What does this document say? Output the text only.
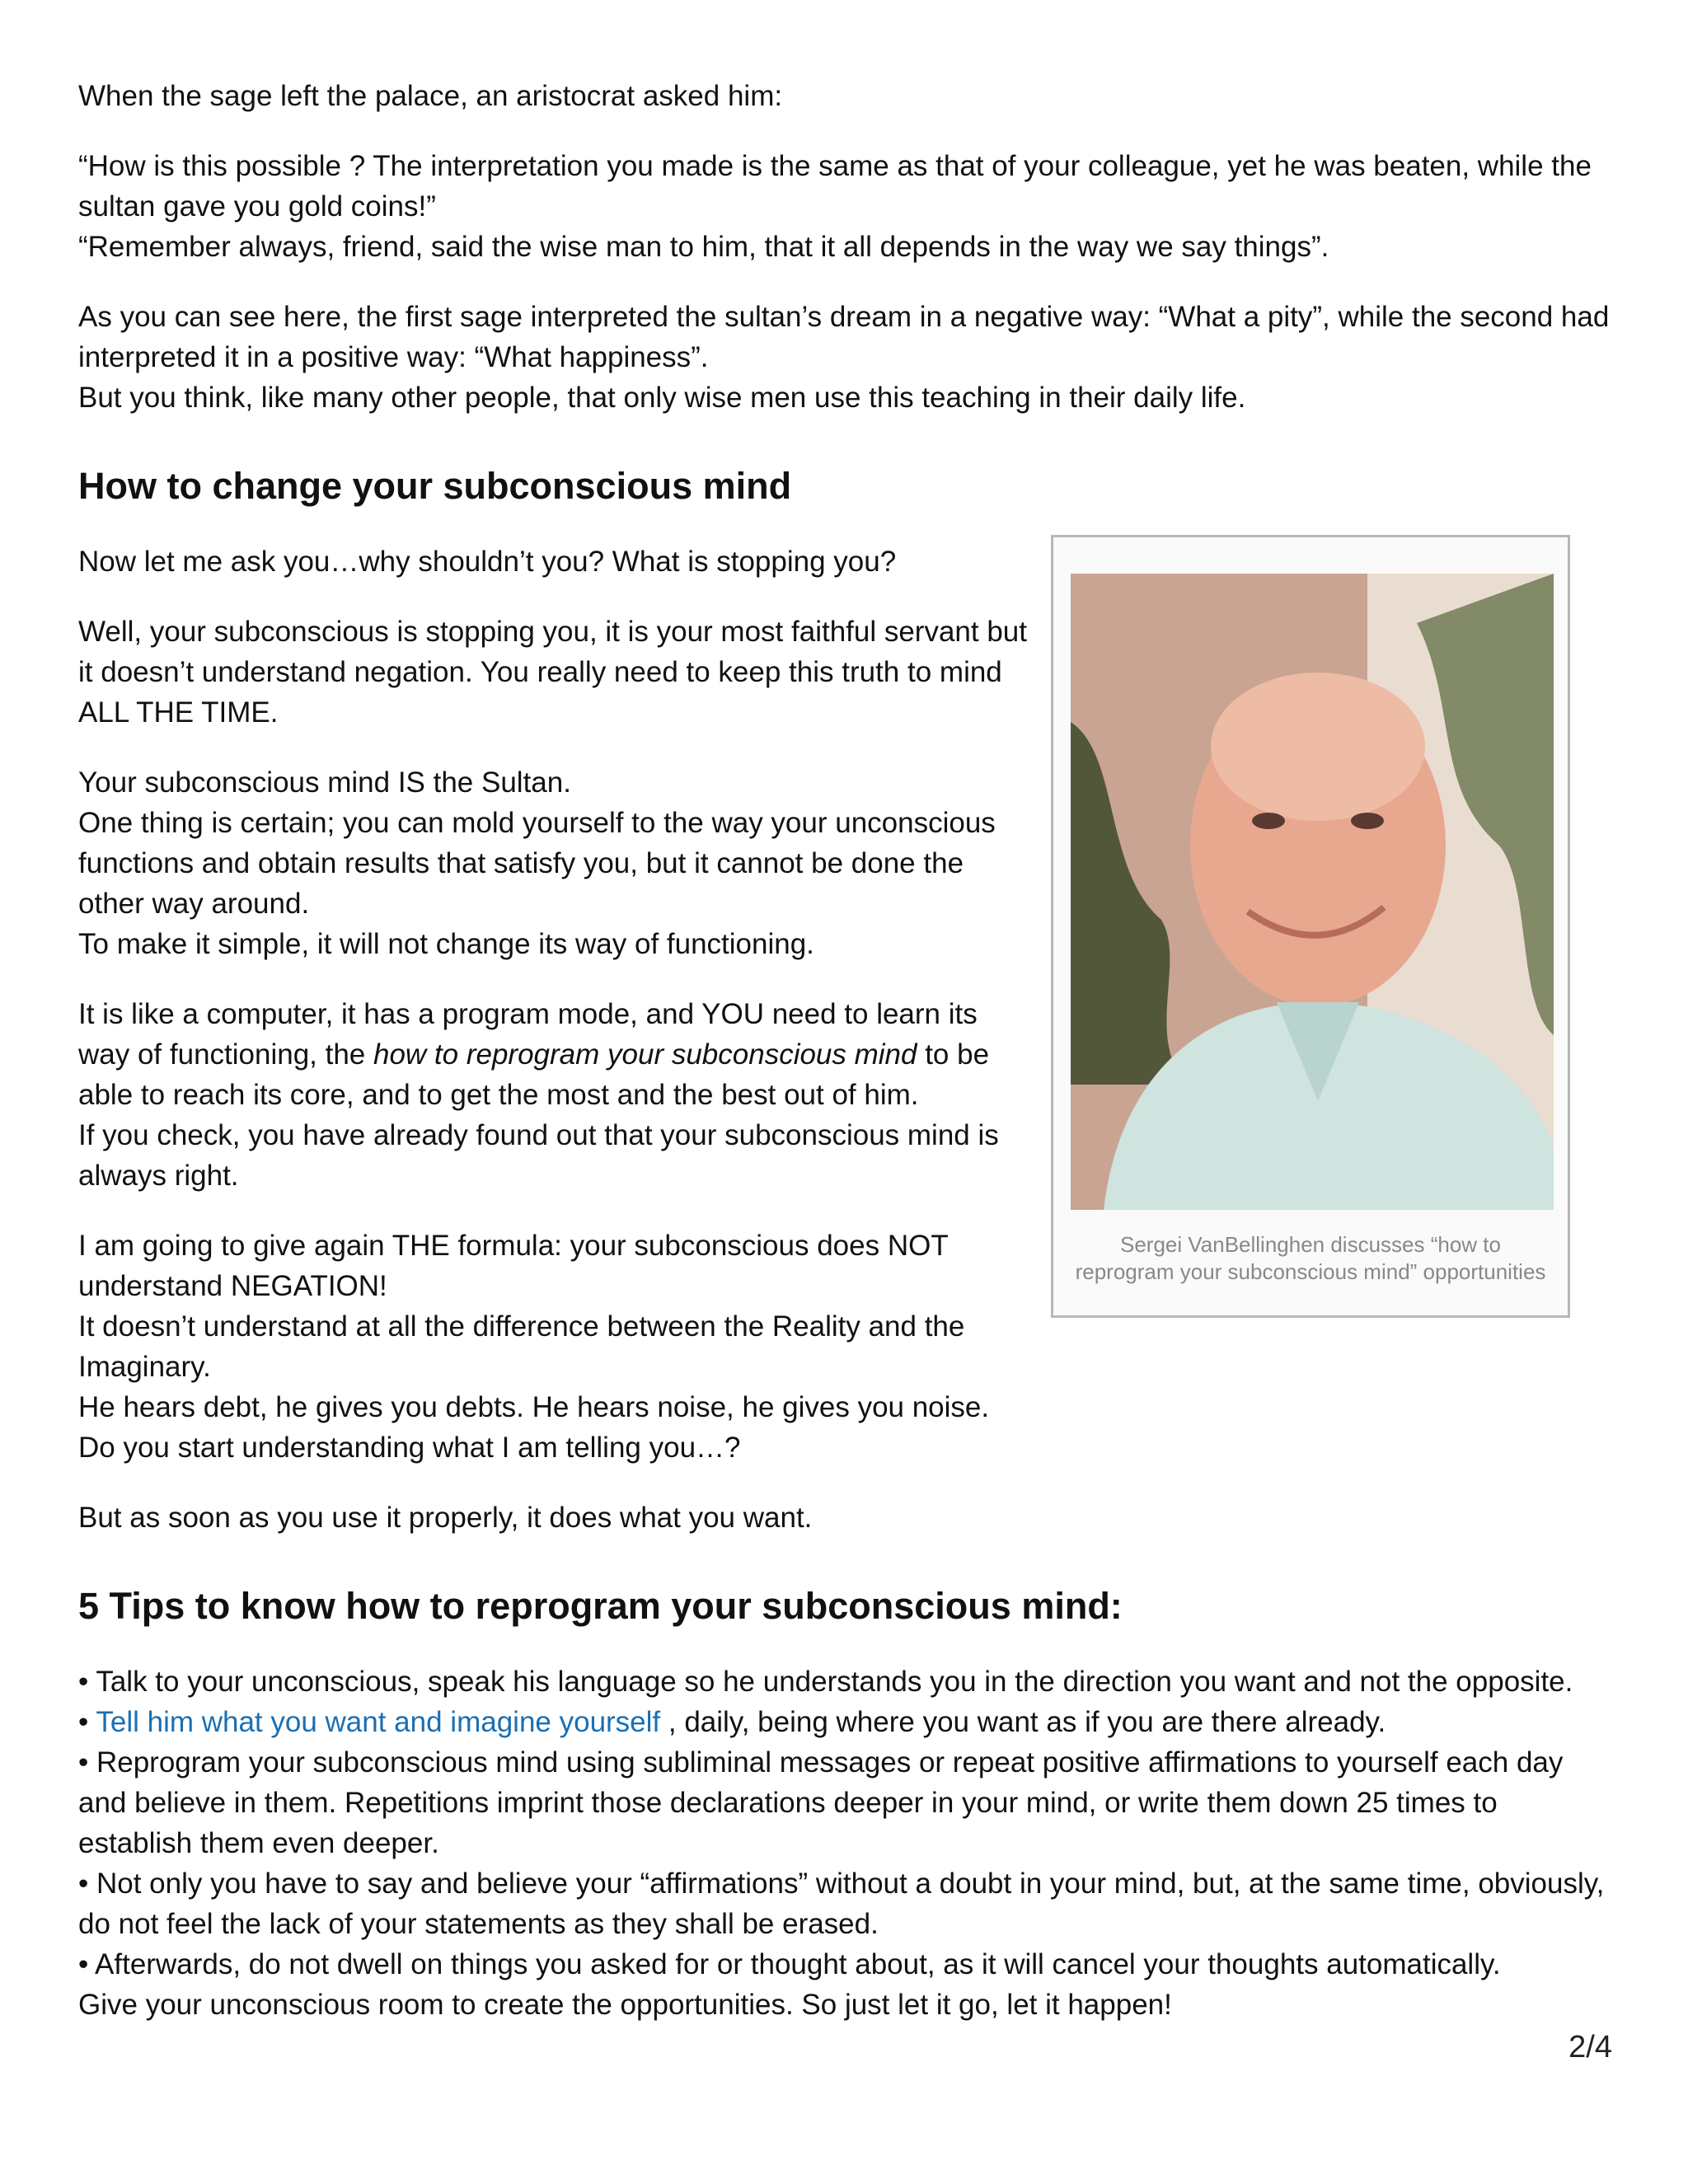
When the sage left the palace, an aristocrat asked him:

“How is this possible ? The interpretation you made is the same as that of your colleague, yet he was beaten, while the sultan gave you gold coins!”
“Remember always, friend, said the wise man to him, that it all depends in the way we say things”.

As you can see here, the first sage interpreted the sultan’s dream in a negative way: “What a pity”, while the second had interpreted it in a positive way: “What happiness”.
But you think, like many other people, that only wise men use this teaching in their daily life.

How to change your subconscious mind
Sergei VanBellinghen discusses “how to reprogram your subconscious mind” opportunities

Now let me ask you…why shouldn’t you? What is stopping you?

Well, your subconscious is stopping you, it is your most faithful servant but it doesn’t understand negation. You really need to keep this truth to mind ALL THE TIME.

Your subconscious mind IS the Sultan.
One thing is certain; you can mold yourself to the way your unconscious functions and obtain results that satisfy you, but it cannot be done the other way around.
To make it simple, it will not change its way of functioning.

It is like a computer, it has a program mode, and YOU need to learn its way of functioning, the how to reprogram your subconscious mind to be able to reach its core, and to get the most and the best out of him.
If you check, you have already found out that your subconscious mind is always right.

I am going to give again THE formula: your subconscious does NOT understand NEGATION!
It doesn’t understand at all the difference between the Reality and the Imaginary.
He hears debt, he gives you debts. He hears noise, he gives you noise.
Do you start understanding what I am telling you…?

But as soon as you use it properly, it does what you want.

5 Tips to know how to reprogram your subconscious mind:

• Talk to your unconscious, speak his language so he understands you in the direction you want and not the opposite.

• Tell him what you want and imagine yourself , daily, being where you want as if you are there already.

• Reprogram your subconscious mind using subliminal messages or repeat positive affirmations to yourself each day and believe in them. Repetitions imprint those declarations deeper in your mind, or write them down 25 times to establish them even deeper.

• Not only you have to say and believe your “affirmations” without a doubt in your mind, but, at the same time, obviously, do not feel the lack of your statements as they shall be erased.

• Afterwards, do not dwell on things you asked for or thought about, as it will cancel your thoughts automatically.
Give your unconscious room to create the opportunities. So just let it go, let it happen!

2/4
